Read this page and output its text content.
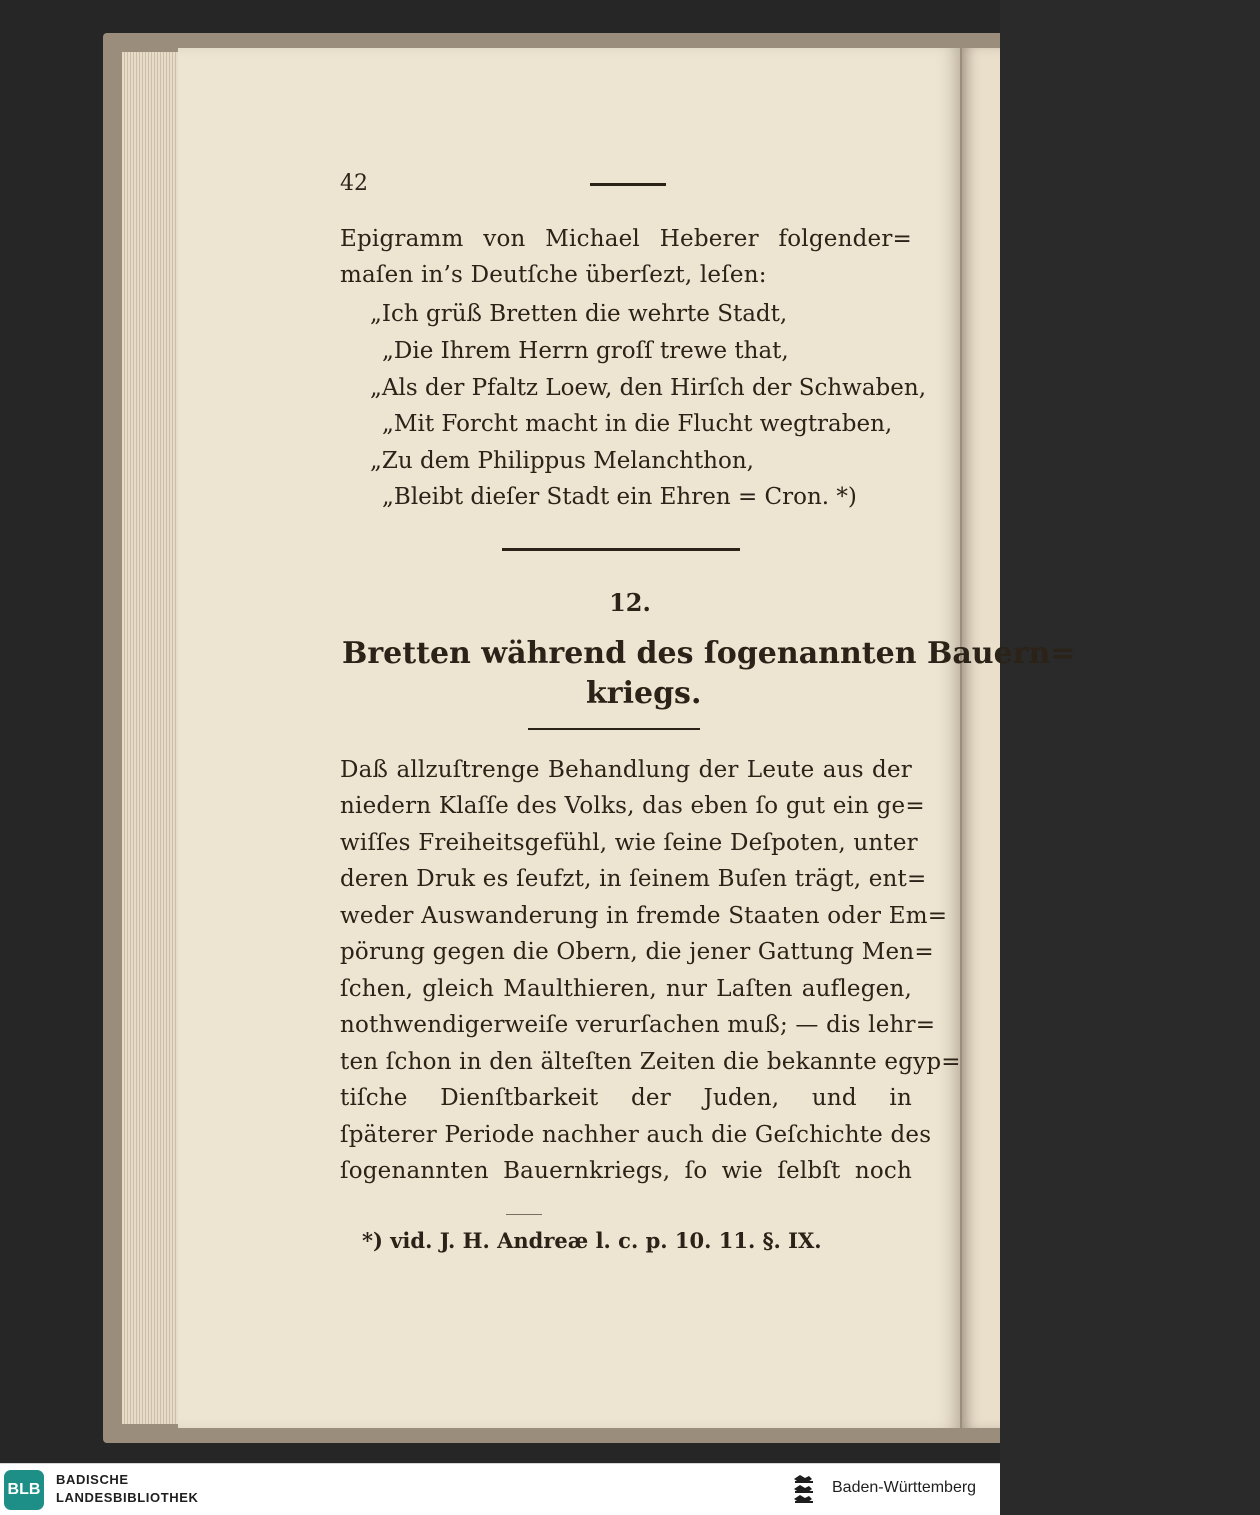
42

Epigramm von Michael Heberer folgender=

maſen in’s Deutſche überſezt, leſen:

„Ich grüß Bretten die wehrte Stadt,

„Die Ihrem Herrn groſſ trewe that,

„Als der Pfaltz Loew, den Hirſch der Schwaben,

„Mit Forcht macht in die Flucht wegtraben,

„Zu dem Philippus Melanchthon,

„Bleibt dieſer Stadt ein Ehren = Cron. *)

12.

Bretten während des ſogenannten Bauern=

kriegs.

Daß allzuſtrenge Behandlung der Leute aus der

niedern Klaſſe des Volks, das eben ſo gut ein ge=

wiſſes Freiheitsgefühl, wie ſeine Deſpoten, unter

deren Druk es ſeufzt, in ſeinem Buſen trägt, ent=

weder Auswanderung in fremde Staaten oder Em=

pörung gegen die Obern, die jener Gattung Men=

ſchen, gleich Maulthieren, nur Laſten auflegen,

nothwendigerweiſe verurſachen muß; — dis lehr=

ten ſchon in den älteſten Zeiten die bekannte egyp=

tiſche Dienſtbarkeit der Juden, und in

ſpäterer Periode nachher auch die Geſchichte des

ſogenannten Bauernkriegs, ſo wie ſelbſt noch

*) vid. J. H. Andreæ l. c. p. 10. 11. §. IX.

BLB
BADISCHE
LANDESBIBLIOTHEK
Baden-Württemberg
